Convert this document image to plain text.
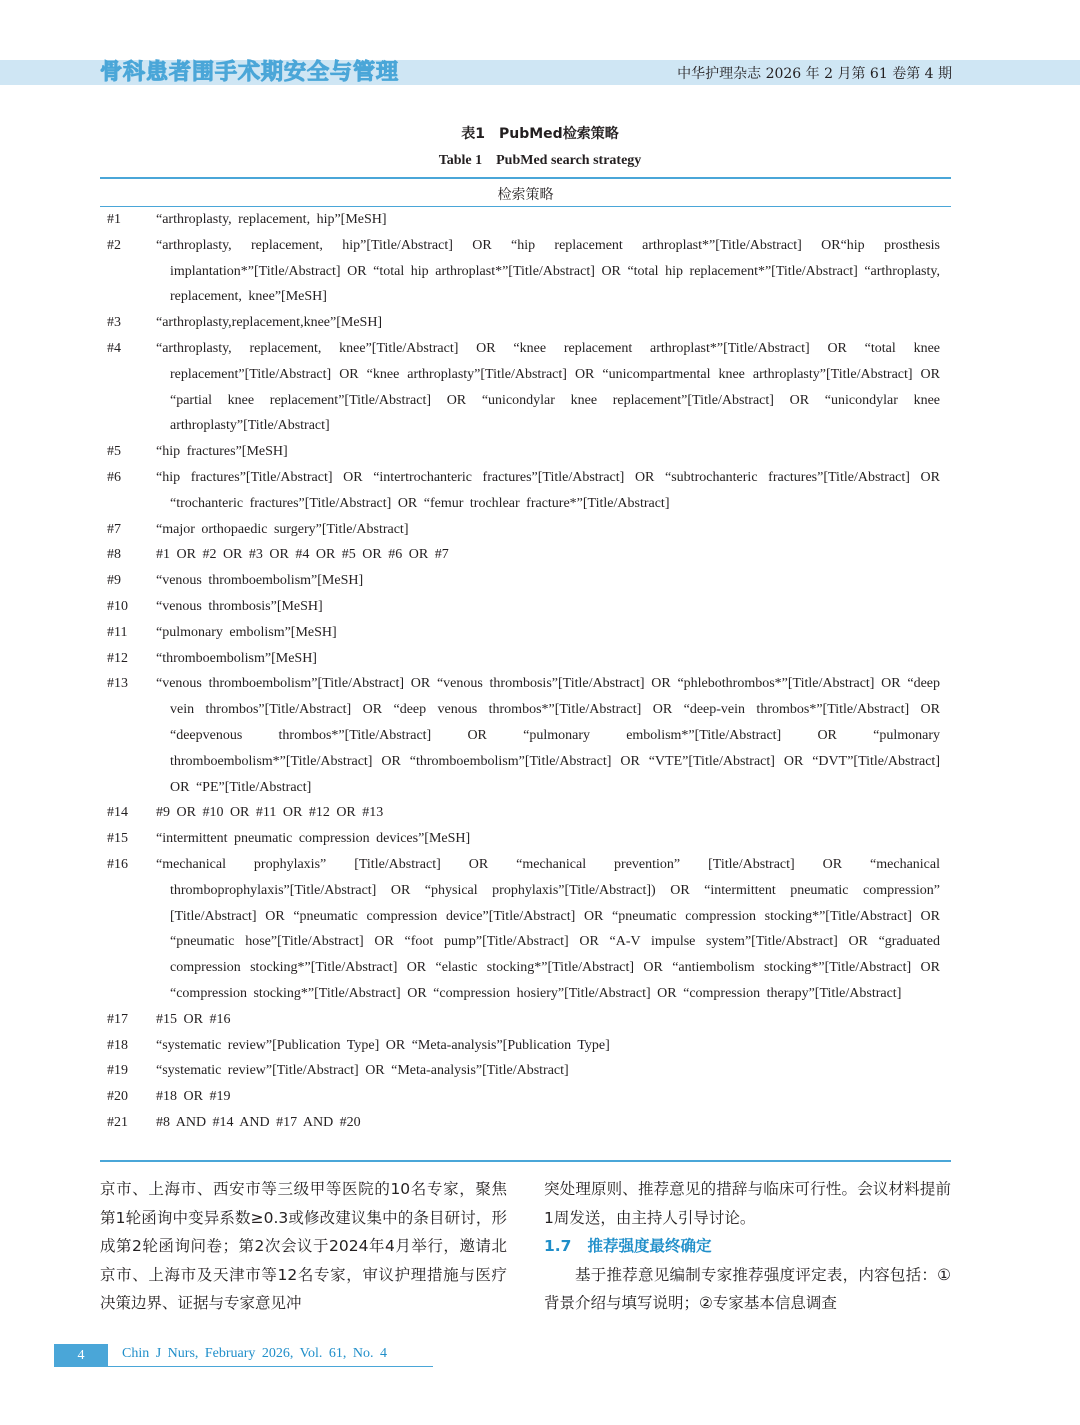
骨科患者围手术期安全与管理	中华护理杂志 2026 年 2 月第 61 卷第 4 期
表1　PubMed检索策略
Table 1　PubMed search strategy
检索策略
#1	“arthroplasty, replacement, hip”[MeSH]
#2	“arthroplasty, replacement, hip”[Title/Abstract] OR “hip replacement arthroplast*”[Title/Abstract] OR“hip prosthesis implantation*”[Title/Abstract] OR “total hip arthroplast*”[Title/Abstract] OR “total hip replacement*”[Title/Abstract] “arthroplasty, replacement, knee”[MeSH]
#3	“arthroplasty,replacement,knee”[MeSH]
#4	“arthroplasty, replacement, knee”[Title/Abstract] OR “knee replacement arthroplast*”[Title/Abstract] OR “total knee replacement”[Title/Abstract] OR “knee arthroplasty”[Title/Abstract] OR “unicompartmental knee arthroplasty”[Title/Abstract] OR “partial knee replacement”[Title/Abstract] OR “unicondylar knee replacement”[Title/Abstract] OR “unicondylar knee arthroplasty”[Title/Abstract]
#5	“hip fractures”[MeSH]
#6	“hip fractures”[Title/Abstract] OR “intertrochanteric fractures”[Title/Abstract] OR “subtrochanteric fractures”[Title/Abstract] OR “trochanteric fractures”[Title/Abstract] OR “femur trochlear fracture*”[Title/Abstract]
#7	“major orthopaedic surgery”[Title/Abstract]
#8	#1 OR #2 OR #3 OR #4 OR #5 OR #6 OR #7
#9	“venous thromboembolism”[MeSH]
#10 “venous thrombosis”[MeSH]
#11 “pulmonary embolism”[MeSH]
#12 “thromboembolism”[MeSH]
#13 “venous thromboembolism”[Title/Abstract] OR “venous thrombosis”[Title/Abstract] OR “phlebothrombos*”[Title/Abstract] OR “deep vein thrombos”[Title/Abstract] OR “deep venous thrombos*”[Title/Abstract] OR “deep-vein thrombos*”[Title/Abstract] OR “deepvenous thrombos*”[Title/Abstract] OR “pulmonary embolism*”[Title/Abstract] OR “pulmonary thromboembolism*”[Title/Abstract] OR “thromboembolism”[Title/Abstract] OR “VTE”[Title/Abstract] OR “DVT”[Title/Abstract] OR “PE”[Title/Abstract]
#14 #9 OR #10 OR #11 OR #12 OR #13
#15 “intermittent pneumatic compression devices”[MeSH]
#16 “mechanical prophylaxis” [Title/Abstract] OR “mechanical prevention” [Title/Abstract] OR “mechanical thromboprophylaxis”[Title/Abstract] OR “physical prophylaxis”[Title/Abstract]) OR “intermittent pneumatic compression” [Title/Abstract] OR “pneumatic compression device”[Title/Abstract] OR “pneumatic compression stocking*”[Title/Abstract] OR “pneumatic hose”[Title/Abstract] OR “foot pump”[Title/Abstract] OR “A-V impulse system”[Title/Abstract] OR “graduated compression stocking*”[Title/Abstract] OR “elastic stocking*”[Title/Abstract] OR “antiembolism stocking*”[Title/Abstract] OR “compression stocking*”[Title/Abstract] OR “compression hosiery”[Title/Abstract] OR “compression therapy”[Title/Abstract]
#17 #15 OR #16
#18 “systematic review”[Publication Type] OR “Meta-analysis”[Publication Type]
#19 “systematic review”[Title/Abstract] OR “Meta-analysis”[Title/Abstract]
#20 #18 OR #19
#21 #8 AND #14 AND #17 AND #20
京市、上海市、西安市等三级甲等医院的10名专家，聚焦第1轮函询中变异系数≥0.3或修改建议集中的条目研讨，形成第2轮函询问卷；第2次会议于2024年4月举行，邀请北京市、上海市及天津市等12名专家，审议护理措施与医疗决策边界、证据与专家意见冲
突处理原则、推荐意见的措辞与临床可行性。会议材料提前1周发送，由主持人引导讨论。
1.7 推荐强度最终确定
基于推荐意见编制专家推荐强度评定表，内容包括：①背景介绍与填写说明；②专家基本信息调查
4	Chin J Nurs, February 2026, Vol. 61, No. 4
